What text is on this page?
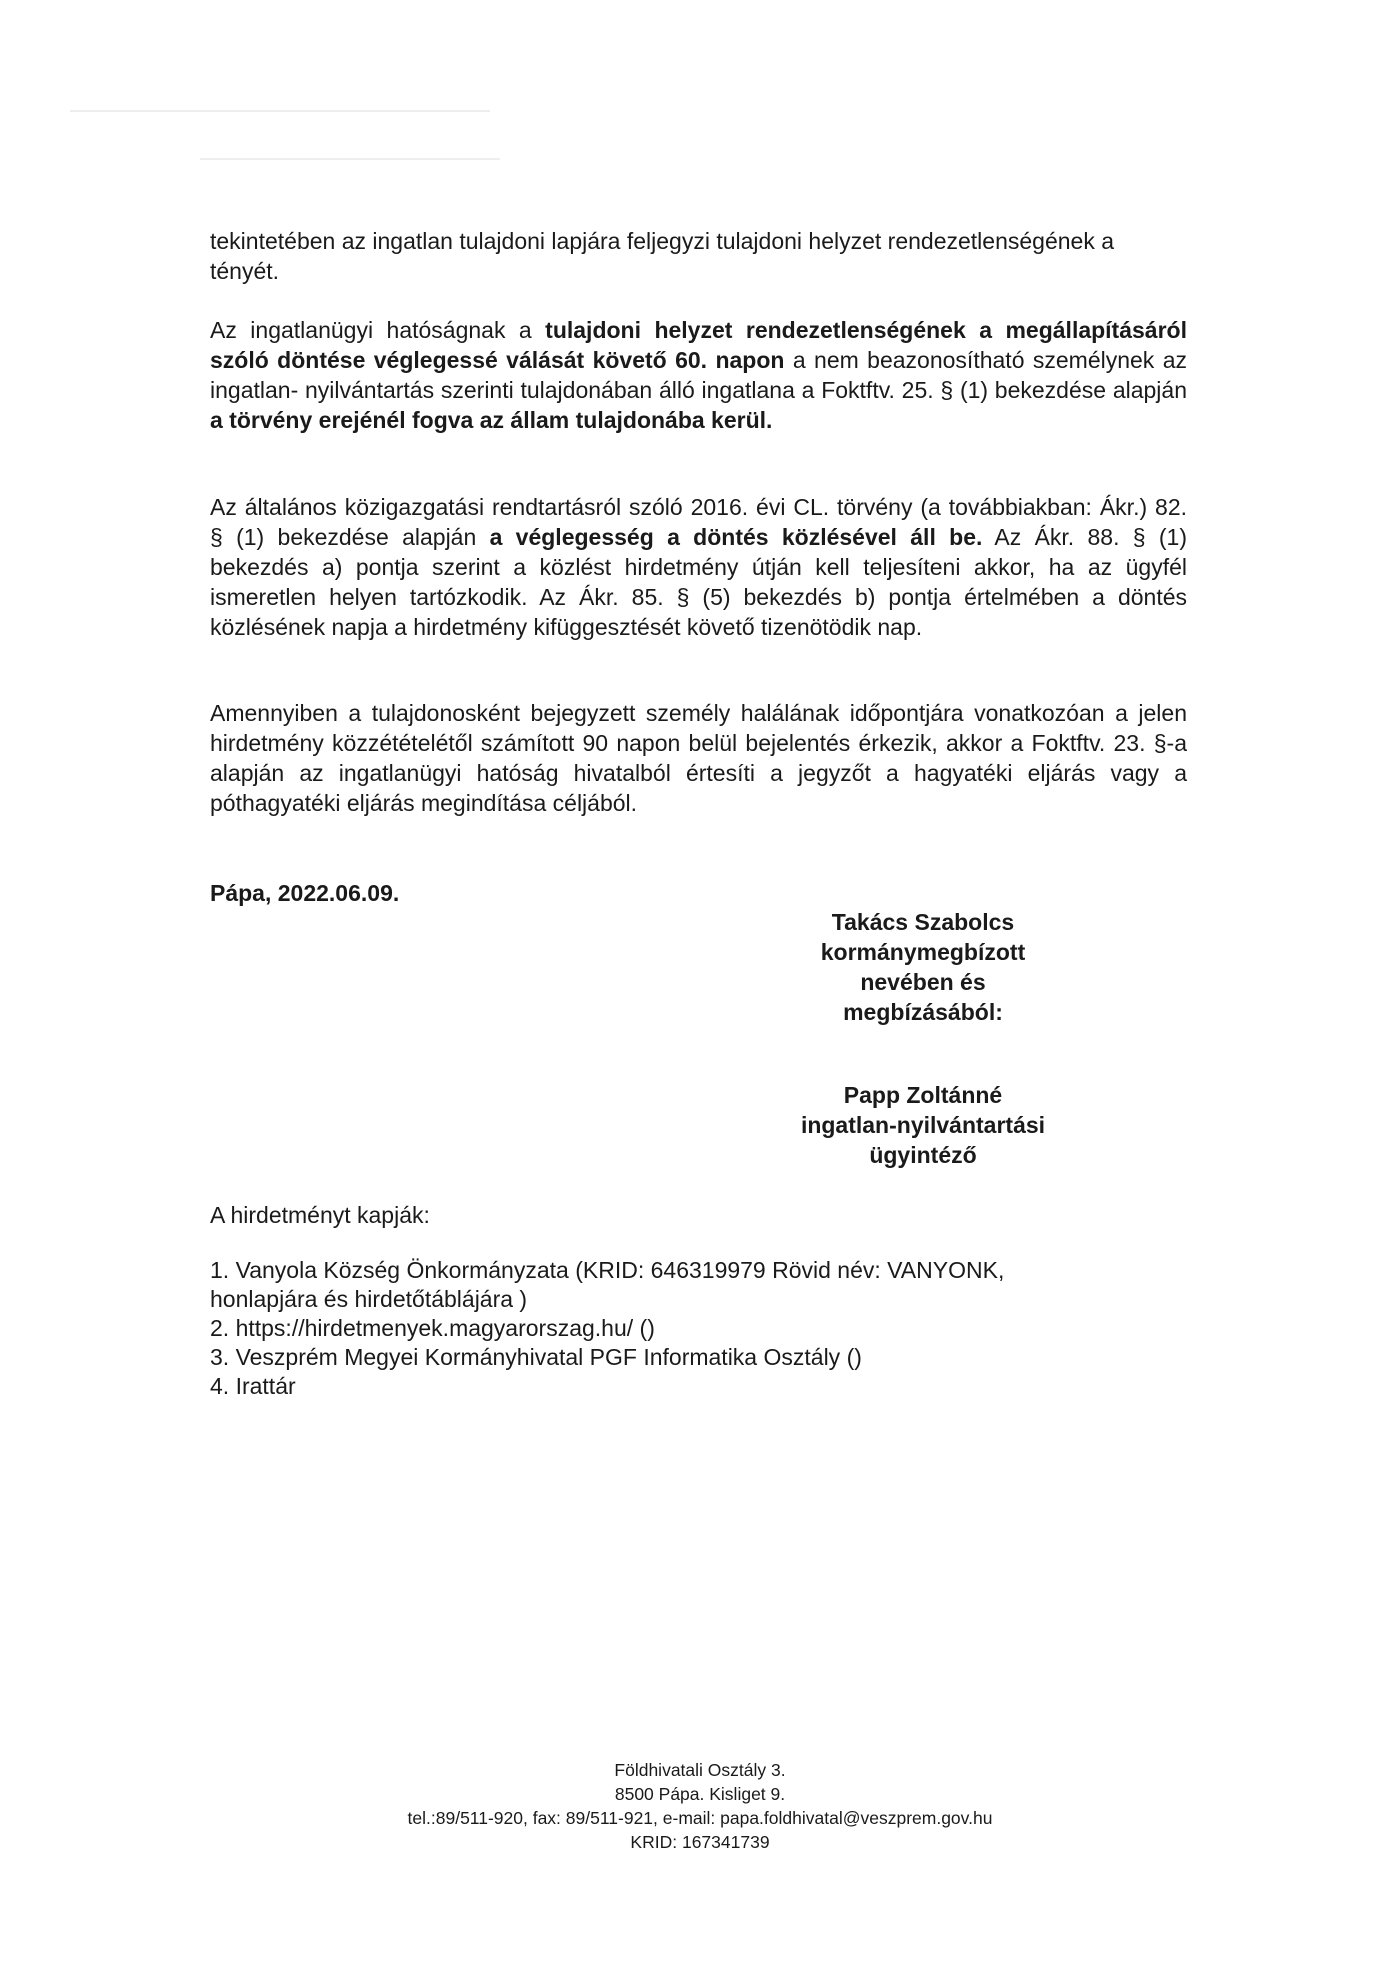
tekintetében az ingatlan tulajdoni lapjára feljegyzi tulajdoni helyzet rendezetlenségének a
tényét.
Az ingatlanügyi hatóságnak a tulajdoni helyzet rendezetlenségének a megállapításáról szóló döntése véglegessé válását követő 60. napon a nem beazonosítható személynek az ingatlan- nyilvántartás szerinti tulajdonában álló ingatlana a Foktftv. 25. § (1) bekezdése alapján a törvény erejénél fogva az állam tulajdonába kerül.
Az általános közigazgatási rendtartásról szóló 2016. évi CL. törvény (a továbbiakban: Ákr.) 82. § (1) bekezdése alapján a véglegesség a döntés közlésével áll be. Az Ákr. 88. § (1) bekezdés a) pontja szerint a közlést hirdetmény útján kell teljesíteni akkor, ha az ügyfél ismeretlen helyen tartózkodik. Az Ákr. 85. § (5) bekezdés b) pontja értelmében a döntés közlésének napja a hirdetmény kifüggesztését követő tizenötödik nap.
Amennyiben a tulajdonosként bejegyzett személy halálának időpontjára vonatkozóan a jelen hirdetmény közzétételétől számított 90 napon belül bejelentés érkezik, akkor a Foktftv. 23. §-a alapján az ingatlanügyi hatóság hivatalból értesíti a jegyzőt a hagyatéki eljárás vagy a póthagyatéki eljárás megindítása céljából.
Pápa, 2022.06.09.
Takács Szabolcs
kormánymegbízott
nevében és
megbízásából:
Papp Zoltánné
ingatlan-nyilvántartási
ügyintéző
A hirdetményt kapják:
1. Vanyola Község Önkormányzata (KRID: 646319979 Rövid név: VANYONK,
honlapjára és hirdetőtáblájára )
2. https://hirdetmenyek.magyarorszag.hu/ ()
3. Veszprém Megyei Kormányhivatal PGF Informatika Osztály ()
4. Irattár
Földhivatali Osztály 3.
8500 Pápa. Kisliget 9.
tel.:89/511-920, fax: 89/511-921, e-mail: papa.foldhivatal@veszprem.gov.hu
KRID: 167341739
